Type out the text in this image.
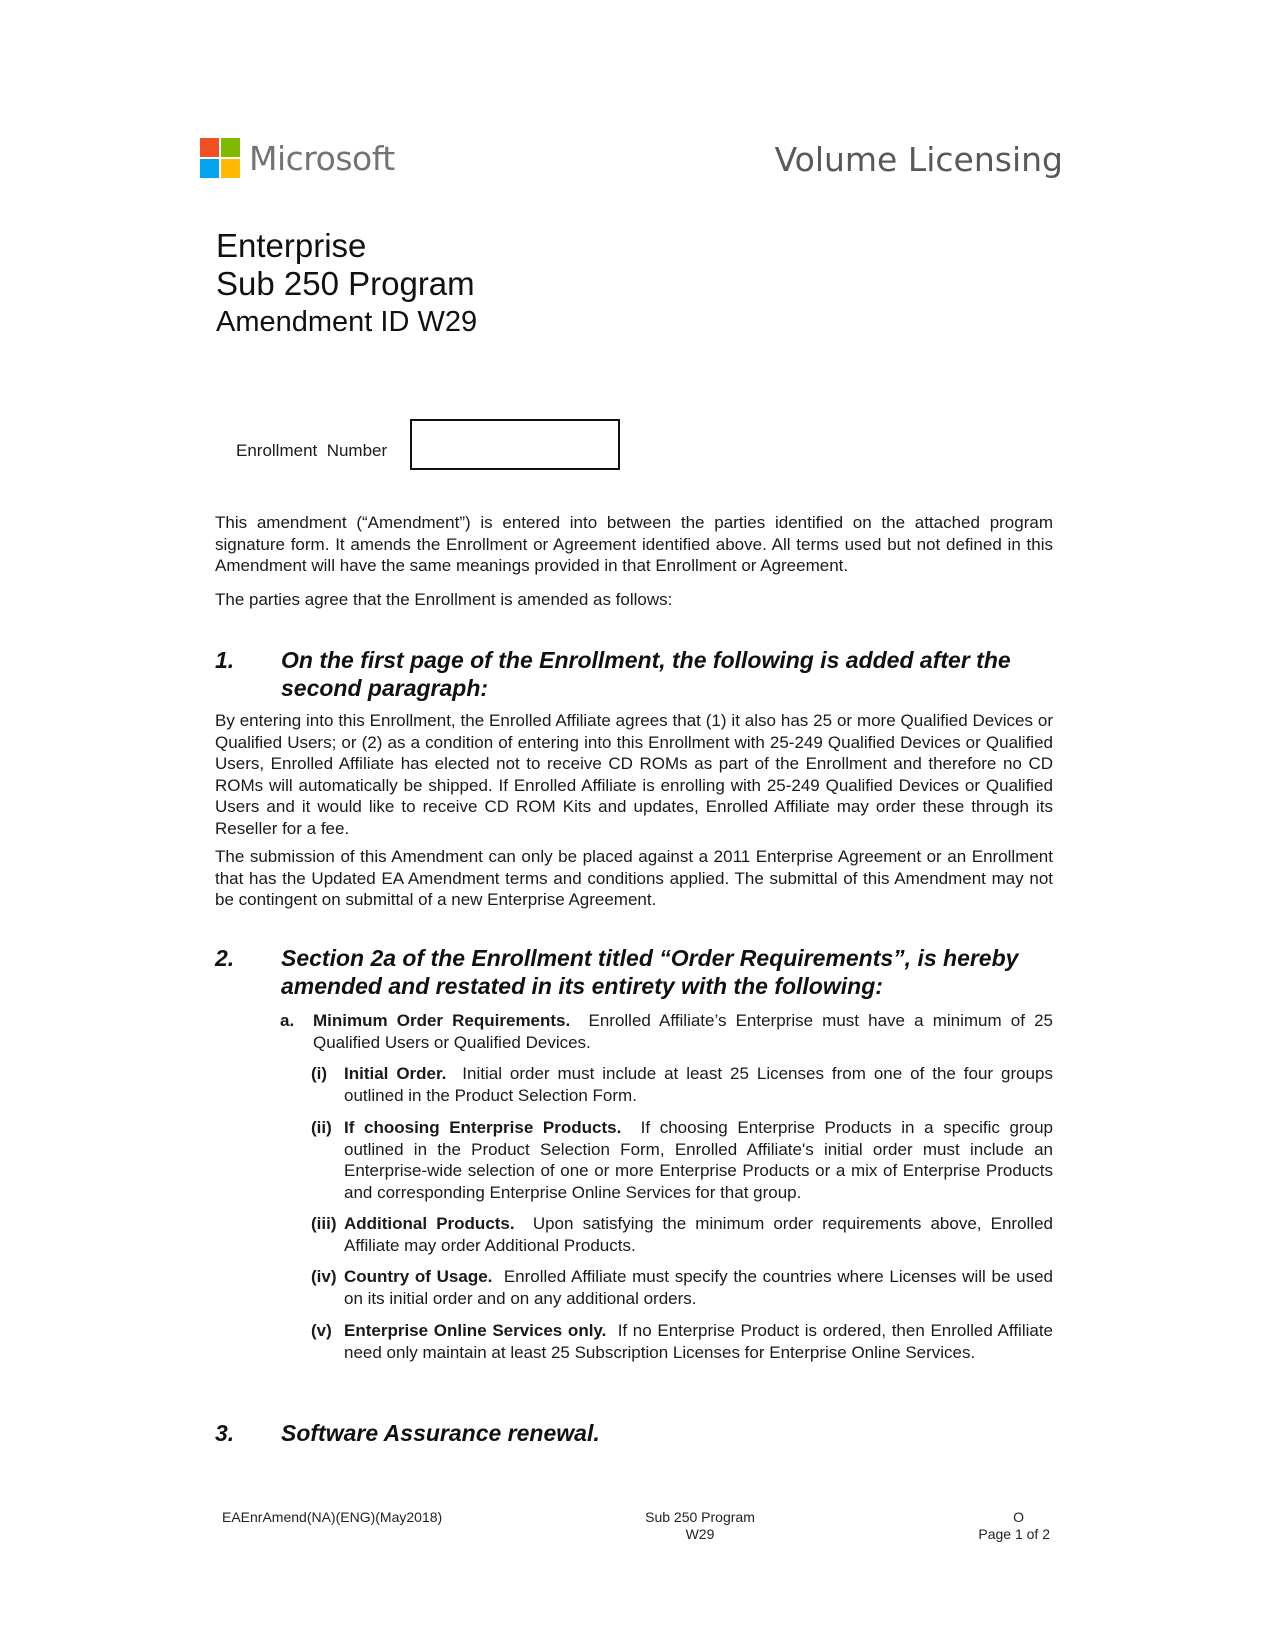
Microsoft	Volume Licensing
Enterprise
Sub 250 Program
Amendment ID W29
Enrollment  Number
This amendment (“Amendment”) is entered into between the parties identified on the attached program signature form. It amends the Enrollment or Agreement identified above. All terms used but not defined in this Amendment will have the same meanings provided in that Enrollment or Agreement.
The parties agree that the Enrollment is amended as follows:
1. On the first page of the Enrollment, the following is added after the second paragraph:
By entering into this Enrollment, the Enrolled Affiliate agrees that (1) it also has 25 or more Qualified Devices or Qualified Users; or (2) as a condition of entering into this Enrollment with 25-249 Qualified Devices or Qualified Users, Enrolled Affiliate has elected not to receive CD ROMs as part of the Enrollment and therefore no CD ROMs will automatically be shipped. If Enrolled Affiliate is enrolling with 25-249 Qualified Devices or Qualified Users and it would like to receive CD ROM Kits and updates, Enrolled Affiliate may order these through its Reseller for a fee.
The submission of this Amendment can only be placed against a 2011 Enterprise Agreement or an Enrollment that has the Updated EA Amendment terms and conditions applied. The submittal of this Amendment may not be contingent on submittal of a new Enterprise Agreement.
2. Section 2a of the Enrollment titled “Order Requirements”, is hereby amended and restated in its entirety with the following:
a. Minimum Order Requirements. Enrolled Affiliate’s Enterprise must have a minimum of 25 Qualified Users or Qualified Devices.
(i) Initial Order. Initial order must include at least 25 Licenses from one of the four groups outlined in the Product Selection Form.
(ii) If choosing Enterprise Products. If choosing Enterprise Products in a specific group outlined in the Product Selection Form, Enrolled Affiliate's initial order must include an Enterprise-wide selection of one or more Enterprise Products or a mix of Enterprise Products and corresponding Enterprise Online Services for that group.
(iii) Additional Products. Upon satisfying the minimum order requirements above, Enrolled Affiliate may order Additional Products.
(iv) Country of Usage. Enrolled Affiliate must specify the countries where Licenses will be used on its initial order and on any additional orders.
(v) Enterprise Online Services only. If no Enterprise Product is ordered, then Enrolled Affiliate need only maintain at least 25 Subscription Licenses for Enterprise Online Services.
3. Software Assurance renewal.
EAEnrAmend(NA)(ENG)(May2018)	Sub 250 Program
W29
O
Page 1 of 2
